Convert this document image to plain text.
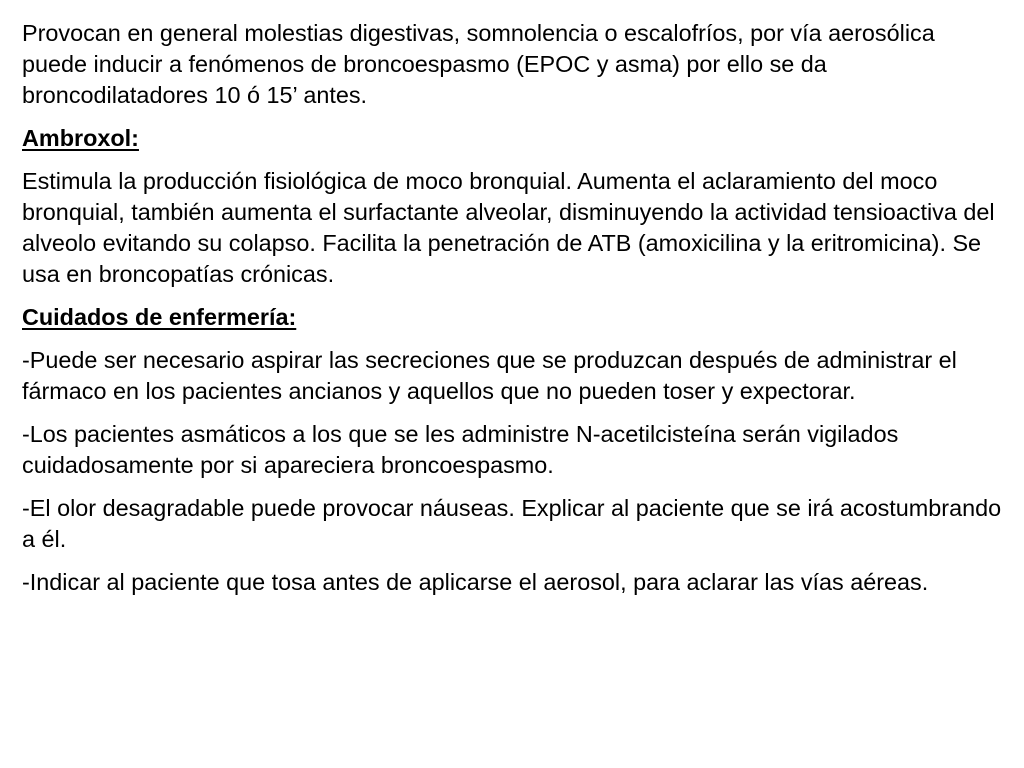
Provocan en general molestias digestivas, somnolencia o escalofríos, por vía aerosólica puede inducir a fenómenos de broncoespasmo (EPOC y asma) por ello se da broncodilatadores 10 ó 15’ antes.

Ambroxol:

Estimula la producción fisiológica de moco bronquial. Aumenta el aclaramiento del moco bronquial, también aumenta el surfactante alveolar, disminuyendo la actividad tensioactiva del alveolo evitando su colapso. Facilita la penetración de ATB (amoxicilina y la eritromicina). Se usa en broncopatías crónicas.

Cuidados de enfermería:

-Puede ser necesario aspirar las secreciones que se produzcan después de administrar el fármaco en los pacientes ancianos y aquellos que no pueden toser y expectorar.

-Los pacientes asmáticos a los que se les administre N-acetilcisteína serán vigilados cuidadosamente por si apareciera broncoespasmo.

-El olor desagradable puede provocar náuseas. Explicar al paciente que se irá acostumbrando a él.

-Indicar al paciente que tosa antes de aplicarse el aerosol, para aclarar las vías aéreas.
